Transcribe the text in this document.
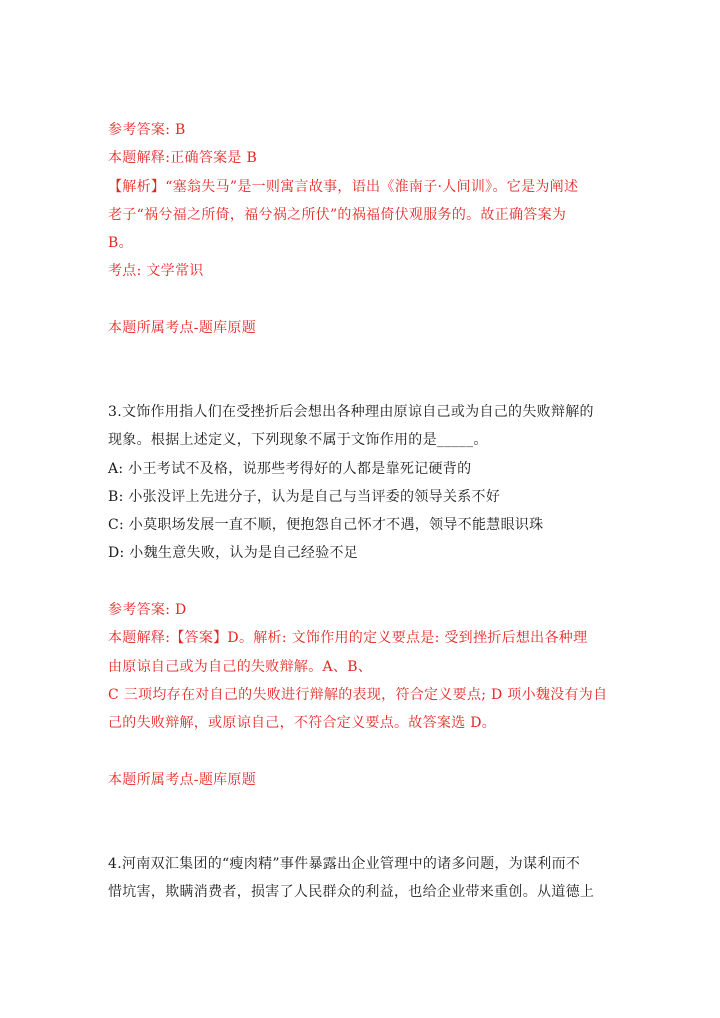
参考答案: B

本题解释:正确答案是 B

【解析】“塞翁失马”是一则寓言故事，语出《淮南子·人间训》。它是为阐述

老子“祸兮福之所倚，福兮祸之所伏”的祸福倚伏观服务的。故正确答案为

B。

考点: 文学常识

本题所属考点-题库原题

3.文饰作用指人们在受挫折后会想出各种理由原谅自己或为自己的失败辩解的

现象。根据上述定义，下列现象不属于文饰作用的是_____。

A: 小王考试不及格，说那些考得好的人都是靠死记硬背的

B: 小张没评上先进分子，认为是自己与当评委的领导关系不好

C: 小莫职场发展一直不顺，便抱怨自己怀才不遇，领导不能慧眼识珠

D: 小魏生意失败，认为是自己经验不足

参考答案: D

本题解释:【答案】D。解析: 文饰作用的定义要点是: 受到挫折后想出各种理

由原谅自己或为自己的失败辩解。A、B、

C 三项均存在对自己的失败进行辩解的表现，符合定义要点; D 项小魏没有为自

己的失败辩解，或原谅自己，不符合定义要点。故答案选 D。

本题所属考点-题库原题

4.河南双汇集团的“瘦肉精”事件暴露出企业管理中的诸多问题，为谋利而不

惜坑害，欺瞒消费者，损害了人民群众的利益，也给企业带来重创。从道德上
